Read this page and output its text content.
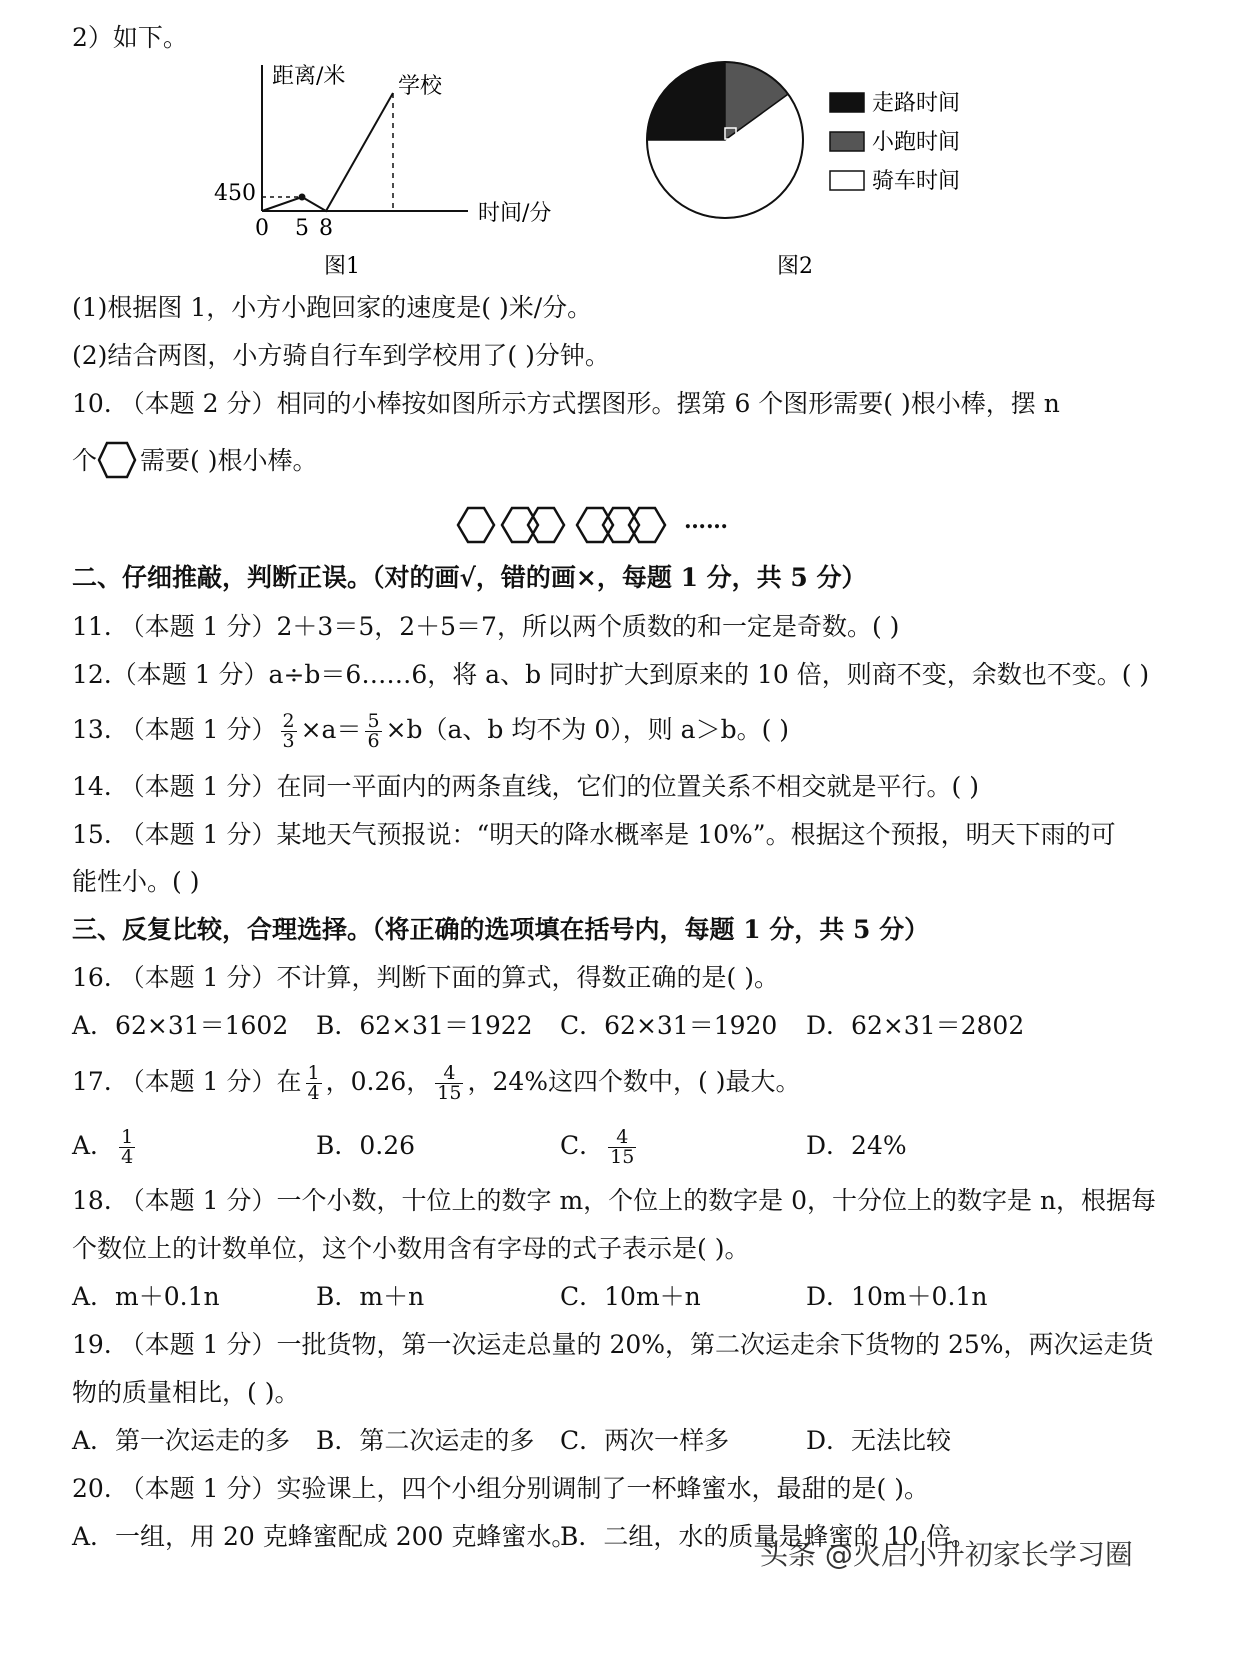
2）如下。
距离/米 学校
时间/分
450
0 5 8
图1
走路时间
小跑时间
骑车时间
图2
(1)根据图 1，小方小跑回家的速度是( )米/分。
(2)结合两图，小方骑自行车到学校用了( )分钟。
10. （本题 2 分）相同的小棒按如图所示方式摆图形。摆第 6 个图形需要( )根小棒，摆 n
个 需要( )根小棒。
……
二、仔细推敲，判断正误。（对的画√，错的画×，每题 1 分，共 5 分）
11. （本题 1 分）2＋3＝5，2＋5＝7，所以两个质数的和一定是奇数。( )
12.（本题 1 分）a÷b＝6……6，将 a、b 同时扩大到原来的 10 倍，则商不变，余数也不变。( )
13. （本题 1 分） $\frac{2}{3} \times a= \frac{5}{6} \times b(a$、b 均不为 0），则 a＞b。( )
14. （本题 1 分）在同一平面内的两条直线，它们的位置关系不相交就是平行。( )
15. （本题 1 分）某地天气预报说：“明天的降水概率是 10%”。根据这个预报，明天下雨的可
能性小。( )
三、反复比较，合理选择。（将正确的选项填在括号内，每题 1 分，共 5 分）
16. （本题 1 分）不计算，判断下面的算式，得数正确的是( )。
A．62×31＝1602 B．62×31＝1922 C．62×31＝1920 D．62×31＝2802
17. （本题 1 分）在 $\frac{1}{4}$ ，0.26， $\frac{4}{15}$ ，24%这四个数中，( )最大。
A． $\frac{1}{4}$	B．0.26	C． $\frac{4}{15}$	D．24%
18. （本题 1 分）一个小数，十位上的数字 m，个位上的数字是 0，十分位上的数字是 n，根据每
个数位上的计数单位，这个小数用含有字母的式子表示是( )。
A．m＋0.1n	B．m＋n	C．10m＋n	D．10m＋0.1n
19. （本题 1 分）一批货物，第一次运走总量的 20%，第二次运走余下货物的 25%，两次运走货
物的质量相比，( )。
A．第一次运走的多 B．第二次运走的多 C．两次一样多	D．无法比较
20. （本题 1 分）实验课上，四个小组分别调制了一杯蜂蜜水，最甜的是( )。
A．一组，用 20 克蜂蜜配成 200 克蜂蜜水。
B．二组，水的质量是蜂蜜的 10 倍。
头条 @火启小升初家长学习圈
